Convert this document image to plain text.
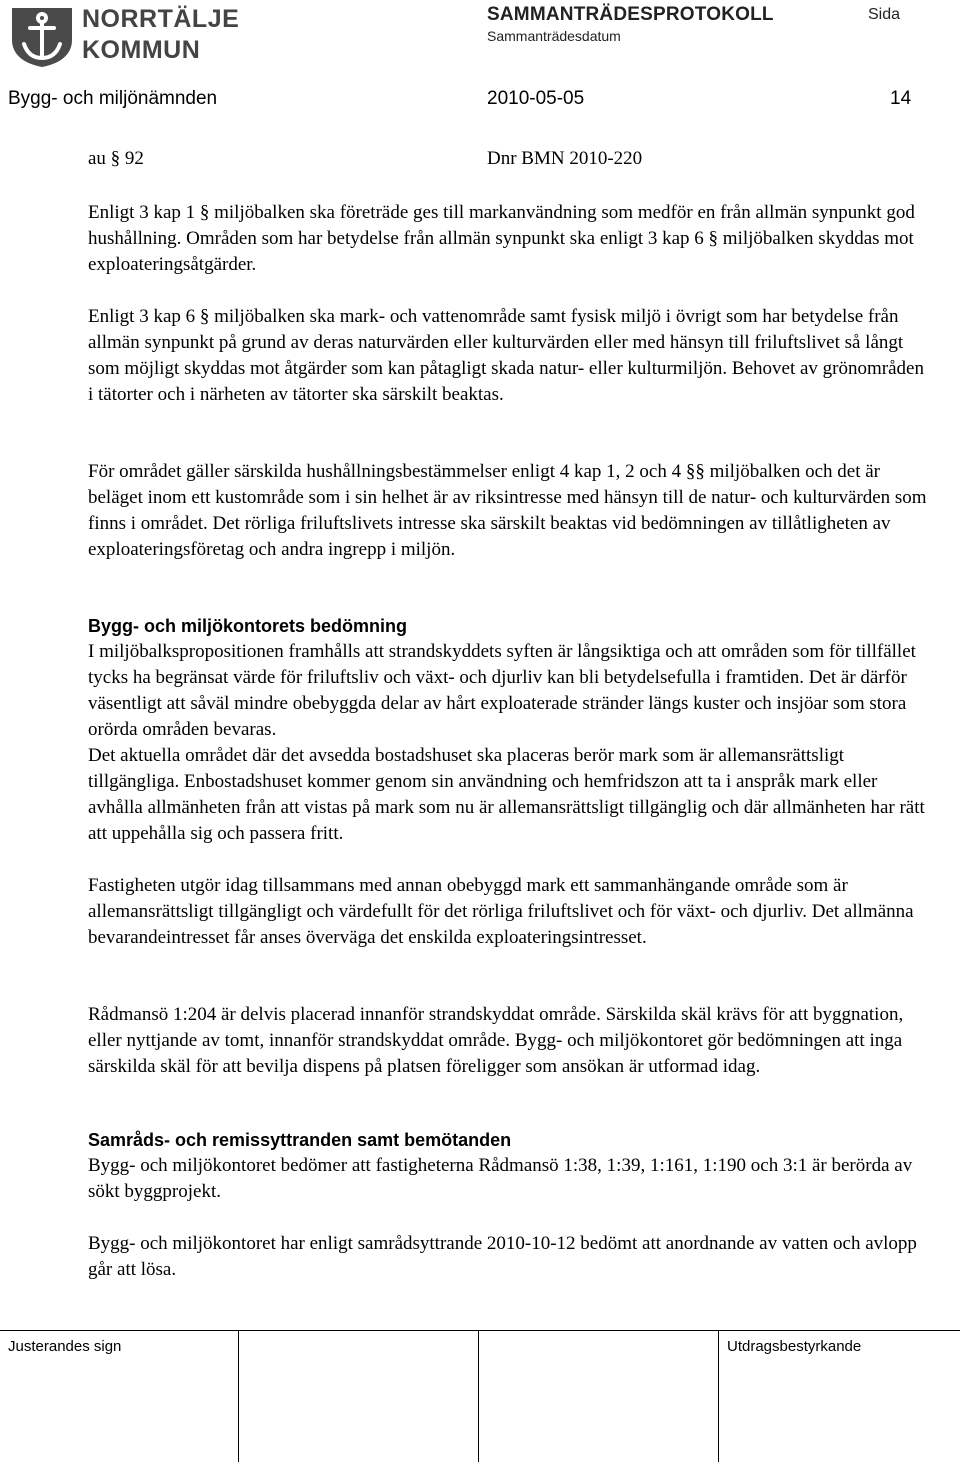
NORRTÄLJE
KOMMUN
SAMMANTRÄDESPROTOKOLL	Sida
Sammanträdesdatum
Bygg- och miljönämnden	2010-05-05	14
au § 92	Dnr BMN 2010-220

Enligt 3 kap 1 § miljöbalken ska företräde ges till markanvändning som medför en från allmän synpunkt god hushållning. Områden som har betydelse från allmän synpunkt ska enligt 3 kap 6 § miljöbalken skyddas mot exploateringsåtgärder.

Enligt 3 kap 6 § miljöbalken ska mark- och vattenområde samt fysisk miljö i övrigt som har betydelse från allmän synpunkt på grund av deras naturvärden eller kulturvärden eller med hänsyn till friluftslivet så långt som möjligt skyddas mot åtgärder som kan påtagligt skada natur- eller kulturmiljön. Behovet av grönområden i tätorter och i närheten av tätorter ska särskilt beaktas.

För området gäller särskilda hushållningsbestämmelser enligt 4 kap 1, 2 och 4 §§ miljöbalken och det är beläget inom ett kustområde som i sin helhet är av riksintresse med hänsyn till de natur- och kulturvärden som finns i området. Det rörliga friluftslivets intresse ska särskilt beaktas vid bedömningen av tillåtligheten av exploateringsföretag och andra ingrepp i miljön.

Bygg- och miljökontorets bedömning

I miljöbalkspropositionen framhålls att strandskyddets syften är långsiktiga och att områden som för tillfället tycks ha begränsat värde för friluftsliv och växt- och djurliv kan bli betydelsefulla i framtiden. Det är därför väsentligt att såväl mindre obebyggda delar av hårt exploaterade stränder längs kuster och insjöar som stora orörda områden bevaras.

Det aktuella området där det avsedda bostadshuset ska placeras berör mark som är allemansrättsligt tillgängliga. Enbostadshuset kommer genom sin användning och hemfridszon att ta i anspråk mark eller avhålla allmänheten från att vistas på mark som nu är allemansrättsligt tillgänglig och där allmänheten har rätt att uppehålla sig och passera fritt.

Fastigheten utgör idag tillsammans med annan obebyggd mark ett sammanhängande område som är allemansrättsligt tillgängligt och värdefullt för det rörliga friluftslivet och för växt- och djurliv. Det allmänna bevarandeintresset får anses överväga det enskilda exploateringsintresset.

Rådmansö 1:204 är delvis placerad innanför strandskyddat område. Särskilda skäl krävs för att byggnation, eller nyttjande av tomt, innanför strandskyddat område. Bygg- och miljökontoret gör bedömningen att inga särskilda skäl för att bevilja dispens på platsen föreligger som ansökan är utformad idag.

Samråds- och remissyttranden samt bemötanden

Bygg- och miljökontoret bedömer att fastigheterna Rådmansö 1:38, 1:39, 1:161, 1:190 och 3:1 är berörda av sökt byggprojekt.

Bygg- och miljökontoret har enligt samrådsyttrande 2010-10-12 bedömt att anordnande av vatten och avlopp går att lösa.

Justerandes sign	Utdragsbestyrkande
